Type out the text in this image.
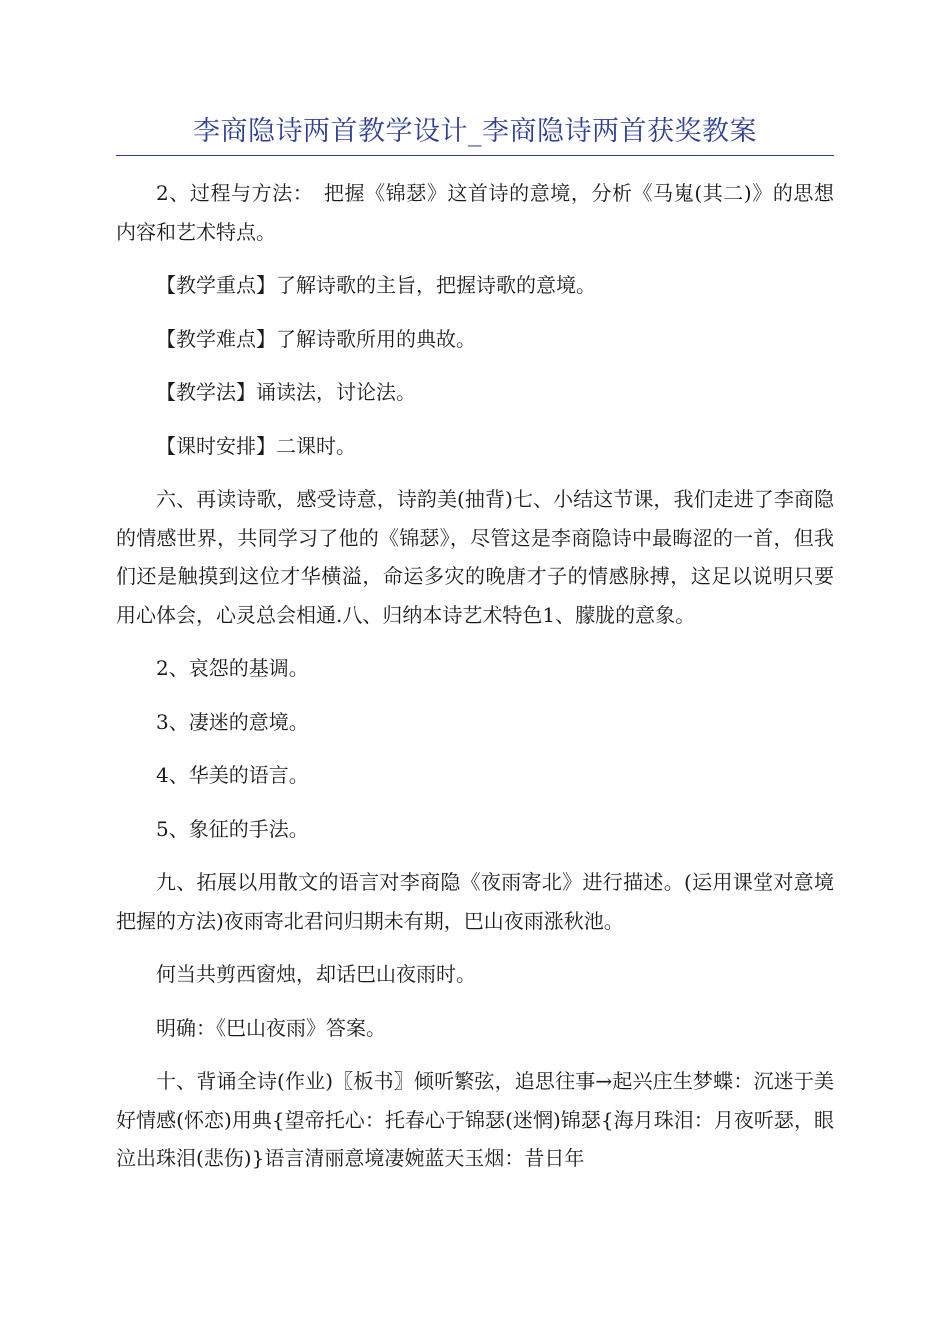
李商隐诗两首教学设计_李商隐诗两首获奖教案

2、过程与方法：　把握《锦瑟》这首诗的意境，分析《马嵬(其二)》的思想内容和艺术特点。

【教学重点】了解诗歌的主旨，把握诗歌的意境。

【教学难点】了解诗歌所用的典故。

【教学法】诵读法，讨论法。

【课时安排】二课时。

六、再读诗歌，感受诗意，诗韵美(抽背)七、小结这节课，我们走进了李商隐的情感世界，共同学习了他的《锦瑟》，尽管这是李商隐诗中最晦涩的一首，但我们还是触摸到这位才华横溢，命运多灾的晚唐才子的情感脉搏，这足以说明只要用心体会，心灵总会相通.八、归纳本诗艺术特色1、朦胧的意象。

2、哀怨的基调。

3、凄迷的意境。

4、华美的语言。

5、象征的手法。

九、拓展以用散文的语言对李商隐《夜雨寄北》进行描述。(运用课堂对意境把握的方法)夜雨寄北君问归期未有期，巴山夜雨涨秋池。

何当共剪西窗烛，却话巴山夜雨时。

明确：《巴山夜雨》答案。

十、背诵全诗(作业)〖板书〗倾听繁弦，追思往事→起兴庄生梦蝶：沉迷于美好情感(怀恋)用典{望帝托心：托春心于锦瑟(迷惘)锦瑟{海月珠泪：月夜听瑟，眼泣出珠泪(悲伤)}语言清丽意境凄婉蓝天玉烟：昔日年
